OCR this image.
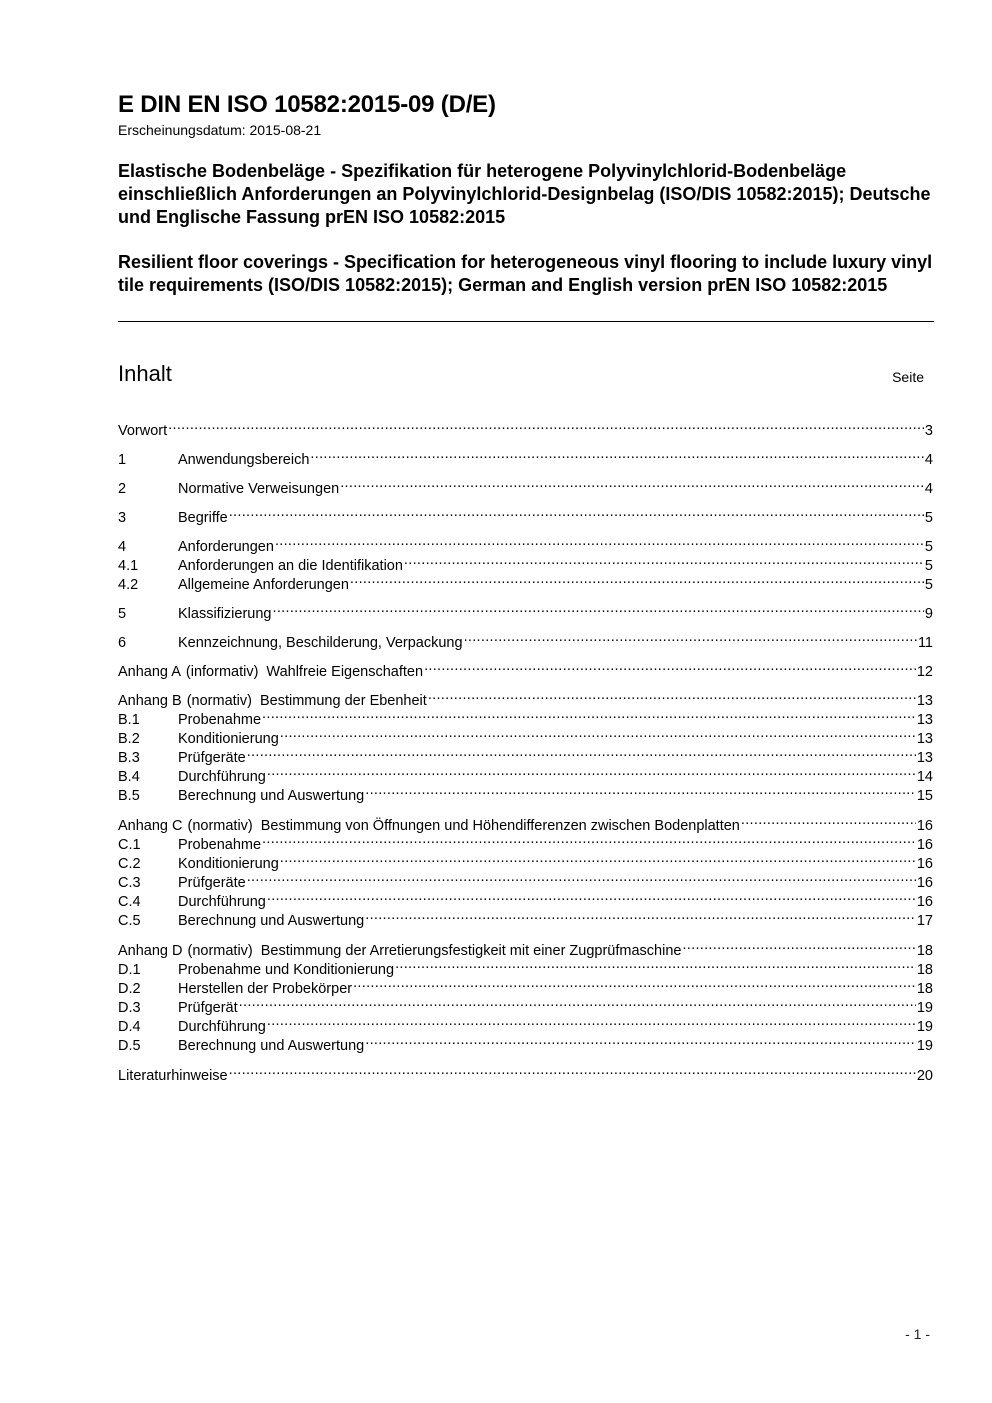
E DIN EN ISO 10582:2015-09 (D/E)
Erscheinungsdatum: 2015-08-21
Elastische Bodenbeläge - Spezifikation für heterogene Polyvinylchlorid-Bodenbeläge einschließlich Anforderungen an Polyvinylchlorid-Designbelag (ISO/DIS 10582:2015); Deutsche und Englische Fassung prEN ISO 10582:2015
Resilient floor coverings - Specification for heterogeneous vinyl flooring to include luxury vinyl tile requirements (ISO/DIS 10582:2015); German and English version prEN ISO 10582:2015
Inhalt	Seite
Vorwort .....	3
1	Anwendungsbereich .....	4
2	Normative Verweisungen .....	4
3	Begriffe .....	5
4	Anforderungen .....	5
4.1	Anforderungen an die Identifikation .....	5
4.2	Allgemeine Anforderungen .....	5
5	Klassifizierung .....	9
6	Kennzeichnung, Beschilderung, Verpackung .....	11
Anhang A (informativ) Wahlfreie Eigenschaften .....	12
Anhang B (normativ) Bestimmung der Ebenheit .....	13
B.1	Probenahme .....	13
B.2	Konditionierung .....	13
B.3	Prüfgeräte .....	13
B.4	Durchführung .....	14
B.5	Berechnung und Auswertung .....	15
Anhang C (normativ) Bestimmung von Öffnungen und Höhendifferenzen zwischen Bodenplatten .....	16
C.1	Probenahme .....	16
C.2	Konditionierung .....	16
C.3	Prüfgeräte .....	16
C.4	Durchführung .....	16
C.5	Berechnung und Auswertung .....	17
Anhang D (normativ) Bestimmung der Arretierungsfestigkeit mit einer Zugprüfmaschine .....	18
D.1	Probenahme und Konditionierung .....	18
D.2	Herstellen der Probekörper .....	18
D.3	Prüfgerät .....	19
D.4	Durchführung .....	19
D.5	Berechnung und Auswertung .....	19
Literaturhinweise .....	20
- 1 -
